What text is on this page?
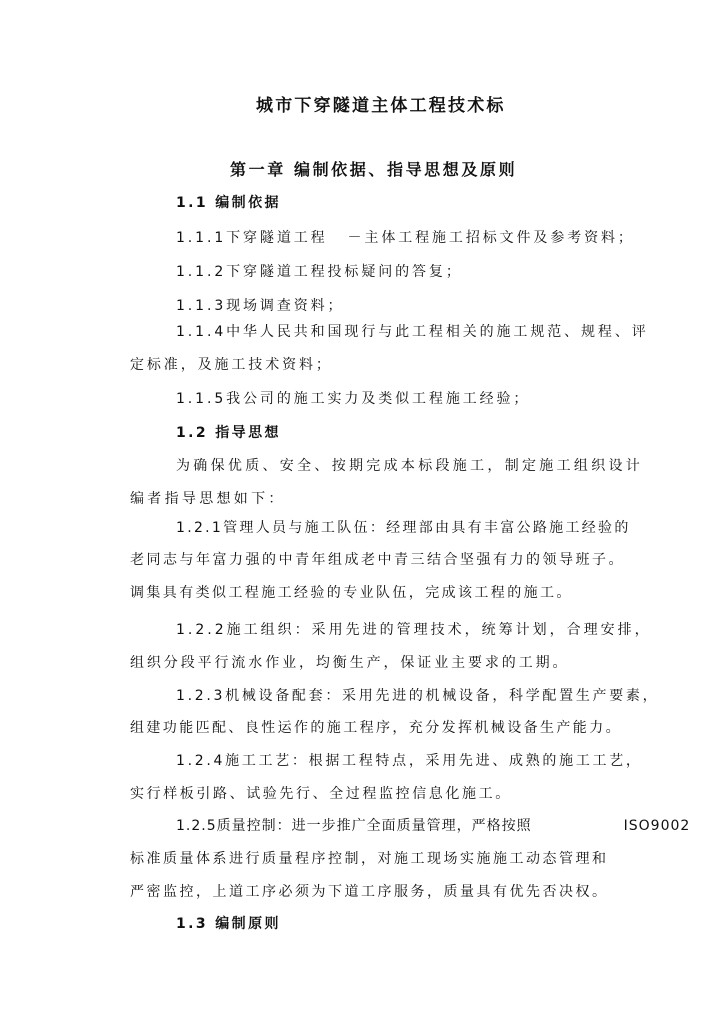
城市下穿隧道主体工程技术标
第一章 编制依据、指导思想及原则
1.1 编制依据
1.1.1下穿隧道工程 －主体工程施工招标文件及参考资料；
1.1.2下穿隧道工程投标疑问的答复；
1.1.3现场调查资料；
1.1.4中华人民共和国现行与此工程相关的施工规范、规程、评
定标准，及施工技术资料；
1.1.5我公司的施工实力及类似工程施工经验；
1.2 指导思想
为确保优质、安全、按期完成本标段施工，制定施工组织设计
编者指导思想如下：
1.2.1管理人员与施工队伍：经理部由具有丰富公路施工经验的
老同志与年富力强的中青年组成老中青三结合坚强有力的领导班子。
调集具有类似工程施工经验的专业队伍，完成该工程的施工。
1.2.2施工组织：采用先进的管理技术，统筹计划，合理安排，
组织分段平行流水作业，均衡生产，保证业主要求的工期。
1.2.3机械设备配套：采用先进的机械设备，科学配置生产要素，
组建功能匹配、良性运作的施工程序，充分发挥机械设备生产能力。
1.2.4施工工艺：根据工程特点，采用先进、成熟的施工工艺，
实行样板引路、试验先行、全过程监控信息化施工。
1.2.5质量控制：进一步推广全面质量管理，严格按照	ISO9002
标准质量体系进行质量程序控制，对施工现场实施施工动态管理和
严密监控，上道工序必须为下道工序服务，质量具有优先否决权。
1.3 编制原则
